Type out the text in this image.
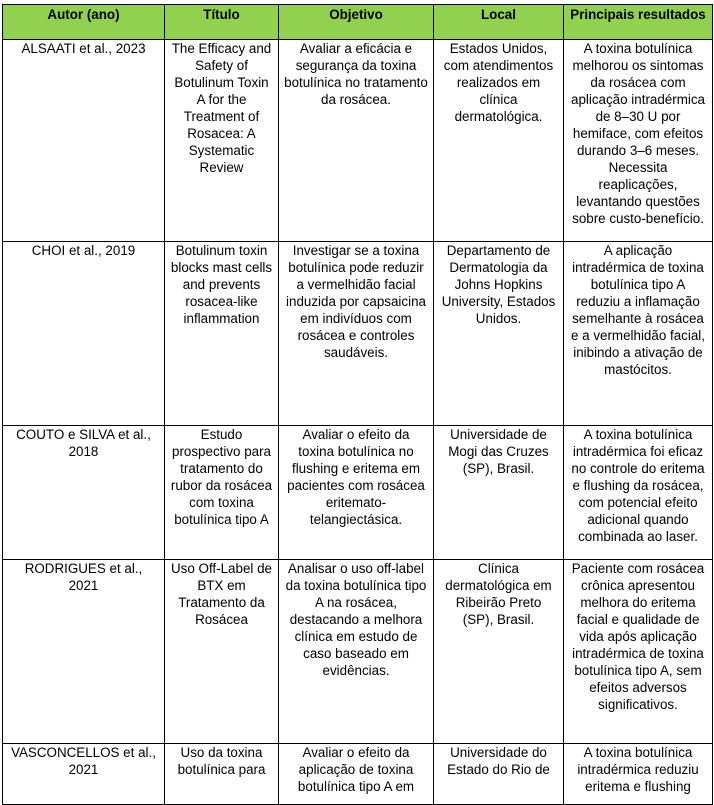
Autor (ano)	Título	Objetivo	Local	Principais resultados
ALSAATI et al., 2023	The Efficacy and Safety of Botulinum Toxin A for the Treatment of Rosacea: A Systematic Review	Avaliar a eficácia e segurança da toxina botulínica no tratamento da rosácea.	Estados Unidos, com atendimentos realizados em clínica dermatológica.	A toxina botulínica melhorou os sintomas da rosácea com aplicação intradérmica de 8–30 U por hemiface, com efeitos durando 3–6 meses. Necessita reaplicações, levantando questões sobre custo-benefício.
CHOI et al., 2019	Botulinum toxin blocks mast cells and prevents rosacea-like inflammation	Investigar se a toxina botulínica pode reduzir a vermelhidão facial induzida por capsaicina em indivíduos com rosácea e controles saudáveis.	Departamento de Dermatologia da Johns Hopkins University, Estados Unidos.	A aplicação intradérmica de toxina botulínica tipo A reduziu a inflamação semelhante à rosácea e a vermelhidão facial, inibindo a ativação de mastócitos.
COUTO e SILVA et al., 2018	Estudo prospectivo para tratamento do rubor da rosácea com toxina botulínica tipo A	Avaliar o efeito da toxina botulínica no flushing e eritema em pacientes com rosácea eritemato-telangiectásica.	Universidade de Mogi das Cruzes (SP), Brasil.	A toxina botulínica intradérmica foi eficaz no controle do eritema e flushing da rosácea, com potencial efeito adicional quando combinada ao laser.
RODRIGUES et al., 2021	Uso Off-Label de BTX em Tratamento da Rosácea	Analisar o uso off-label da toxina botulínica tipo A na rosácea, destacando a melhora clínica em estudo de caso baseado em evidências.	Clínica dermatológica em Ribeirão Preto (SP), Brasil.	Paciente com rosácea crônica apresentou melhora do eritema facial e qualidade de vida após aplicação intradérmica de toxina botulínica tipo A, sem efeitos adversos significativos.
VASCONCELLOS et al., 2021	Uso da toxina botulínica para	Avaliar o efeito da aplicação de toxina botulínica tipo A em	Universidade do Estado do Rio de	A toxina botulínica intradérmica reduziu eritema e flushing
